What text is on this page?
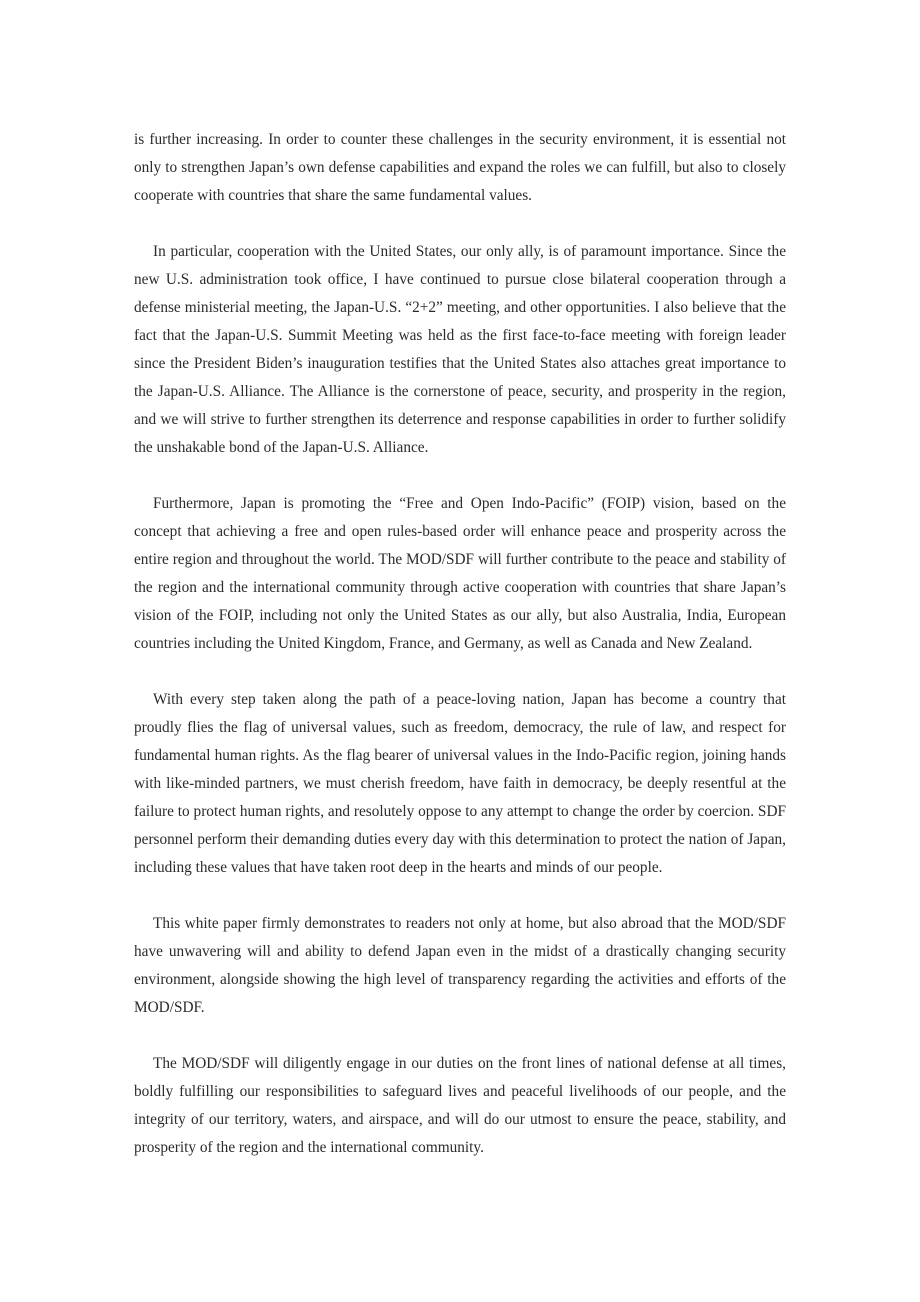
is further increasing. In order to counter these challenges in the security environment, it is essential not only to strengthen Japan’s own defense capabilities and expand the roles we can fulfill, but also to closely cooperate with countries that share the same fundamental values.

In particular, cooperation with the United States, our only ally, is of paramount importance. Since the new U.S. administration took office, I have continued to pursue close bilateral cooperation through a defense ministerial meeting, the Japan-U.S. “2+2” meeting, and other opportunities. I also believe that the fact that the Japan-U.S. Summit Meeting was held as the first face-to-face meeting with foreign leader since the President Biden’s inauguration testifies that the United States also attaches great importance to the Japan-U.S. Alliance. The Alliance is the cornerstone of peace, security, and prosperity in the region, and we will strive to further strengthen its deterrence and response capabilities in order to further solidify the unshakable bond of the Japan-U.S. Alliance.

Furthermore, Japan is promoting the “Free and Open Indo-Pacific” (FOIP) vision, based on the concept that achieving a free and open rules-based order will enhance peace and prosperity across the entire region and throughout the world. The MOD/SDF will further contribute to the peace and stability of the region and the international community through active cooperation with countries that share Japan’s vision of the FOIP, including not only the United States as our ally, but also Australia, India, European countries including the United Kingdom, France, and Germany, as well as Canada and New Zealand.

With every step taken along the path of a peace-loving nation, Japan has become a country that proudly flies the flag of universal values, such as freedom, democracy, the rule of law, and respect for fundamental human rights. As the flag bearer of universal values in the Indo-Pacific region, joining hands with like-minded partners, we must cherish freedom, have faith in democracy, be deeply resentful at the failure to protect human rights, and resolutely oppose to any attempt to change the order by coercion. SDF personnel perform their demanding duties every day with this determination to protect the nation of Japan, including these values that have taken root deep in the hearts and minds of our people.

This white paper firmly demonstrates to readers not only at home, but also abroad that the MOD/SDF have unwavering will and ability to defend Japan even in the midst of a drastically changing security environment, alongside showing the high level of transparency regarding the activities and efforts of the MOD/SDF.

The MOD/SDF will diligently engage in our duties on the front lines of national defense at all times, boldly fulfilling our responsibilities to safeguard lives and peaceful livelihoods of our people, and the integrity of our territory, waters, and airspace, and will do our utmost to ensure the peace, stability, and prosperity of the region and the international community.
